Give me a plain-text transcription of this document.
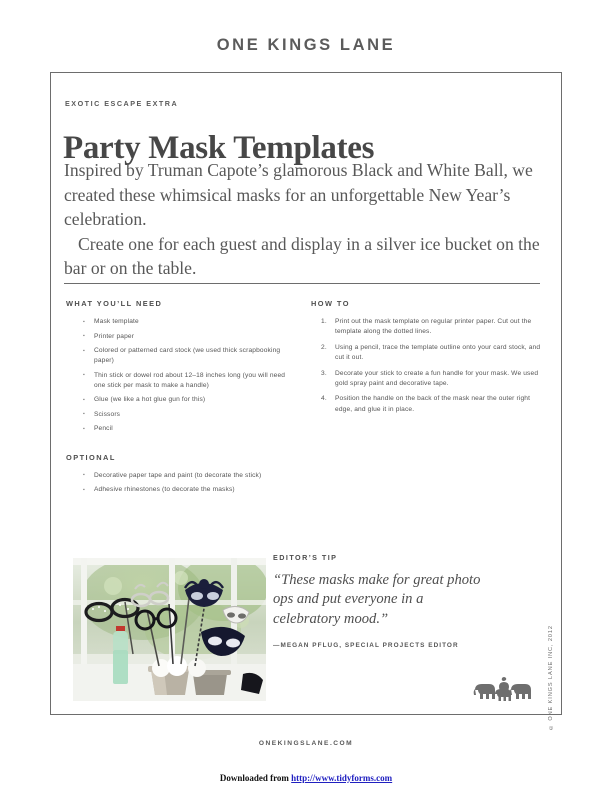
ONE KINGS LANE
EXOTIC ESCAPE EXTRA
Party Mask Templates
Inspired by Truman Capote’s glamorous Black and White Ball, we created these whimsical masks for an unforgettable New Year’s celebration.
Create one for each guest and display in a silver ice bucket on the bar or on the table.
WHAT YOU’LL NEED
▪ Mask template
▪ Printer paper
▪ Colored or patterned card stock (we used thick scrapbooking paper)
▪ Thin stick or dowel rod about 12–18 inches long (you will need one stick per mask to make a handle)
▪ Glue (we like a hot glue gun for this)
▪ Scissors
▪ Pencil
OPTIONAL
▪ Decorative paper tape and paint (to decorate the stick)
▪ Adhesive rhinestones (to decorate the masks)
HOW TO
Print out the mask template on regular printer paper. Cut out the template along the dotted lines.
Using a pencil, trace the template outline onto your card stock, and cut it out.
Decorate your stick to create a fun handle for your mask. We used gold spray paint and decorative tape.
Position the handle on the back of the mask near the outer right edge, and glue it in place.
EDITOR’S TIP
“These masks make for great photo ops and put everyone in a celebratory mood.”
—MEGAN PFLUG, SPECIAL PROJECTS EDITOR	© ONE KINGS LANE INC, 2012
ONEKINGSLANE.COM
Downloaded from http://www.tidyforms.com
